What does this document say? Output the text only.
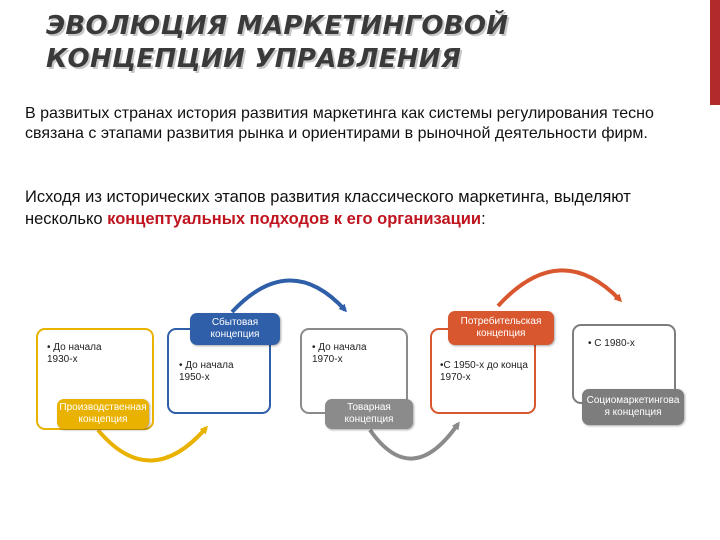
ЭВОЛЮЦИЯ МАРКЕТИНГОВОЙ
КОНЦЕПЦИИ УПРАВЛЕНИЯ
В развитых странах история развития маркетинга как системы регулирования тесно связана с этапами развития рынка и ориентирами в рыночной деятельности фирм.
Исходя из исторических этапов развития классического маркетинга, выделяют несколько концептуальных подходов к его организации:
• До начала 1930-х
Производственная концепция
• До начала 1950-х
Сбытовая концепция
• До начала 1970-х
Товарная концепция
•С 1950-х до конца 1970-х
Потребительская концепция
• С 1980-х
Социомаркетингова я концепция
